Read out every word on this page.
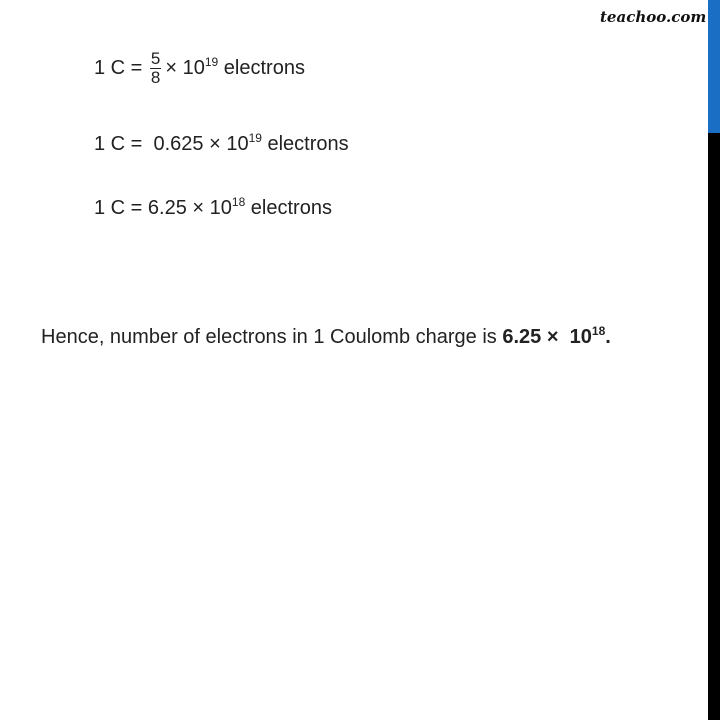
teachoo.com
1 $C = \frac{5}{8} \times 10^{19}$ electrons
1 $C = 0.625 \times 10^{19}$ electrons
1 $C = 6.25 \times 10^{18}$ electrons
Hence, number of electrons in 1 Coulomb charge is $6.25 \times 10^{18}$.
